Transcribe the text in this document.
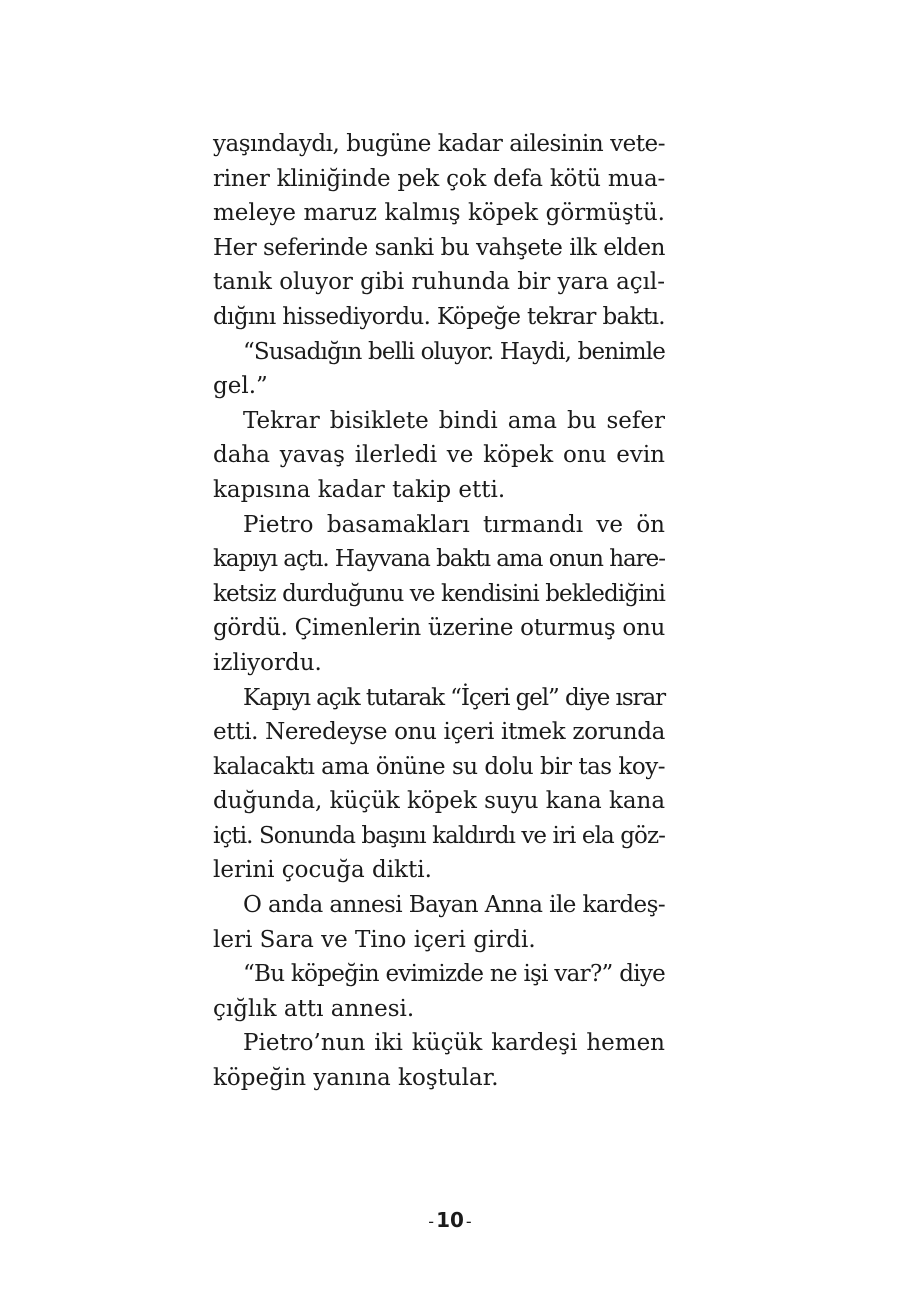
yaşındaydı, bugüne kadar ailesinin vete-
riner kliniğinde pek çok defa kötü mua-
meleye maruz kalmış köpek görmüştü.
Her seferinde sanki bu vahşete ilk elden
tanık oluyor gibi ruhunda bir yara açıl-
dığını hissediyordu. Köpeğe tekrar baktı.

“Susadığın belli oluyor. Haydi, benimle
gel.”

Tekrar bisiklete bindi ama bu sefer
daha yavaş ilerledi ve köpek onu evin
kapısına kadar takip etti.

Pietro basamakları tırmandı ve ön
kapıyı açtı. Hayvana baktı ama onun hare-
ketsiz durduğunu ve kendisini beklediğini
gördü. Çimenlerin üzerine oturmuş onu
izliyordu.

Kapıyı açık tutarak “İçeri gel” diye ısrar
etti. Neredeyse onu içeri itmek zorunda
kalacaktı ama önüne su dolu bir tas koy-
duğunda, küçük köpek suyu kana kana
içti. Sonunda başını kaldırdı ve iri ela göz-
lerini çocuğa dikti.

O anda annesi Bayan Anna ile kardeş-
leri Sara ve Tino içeri girdi.

“Bu köpeğin evimizde ne işi var?” diye
çığlık attı annesi.

Pietro’nun iki küçük kardeşi hemen
köpeğin yanına koştular.

- 10 -
